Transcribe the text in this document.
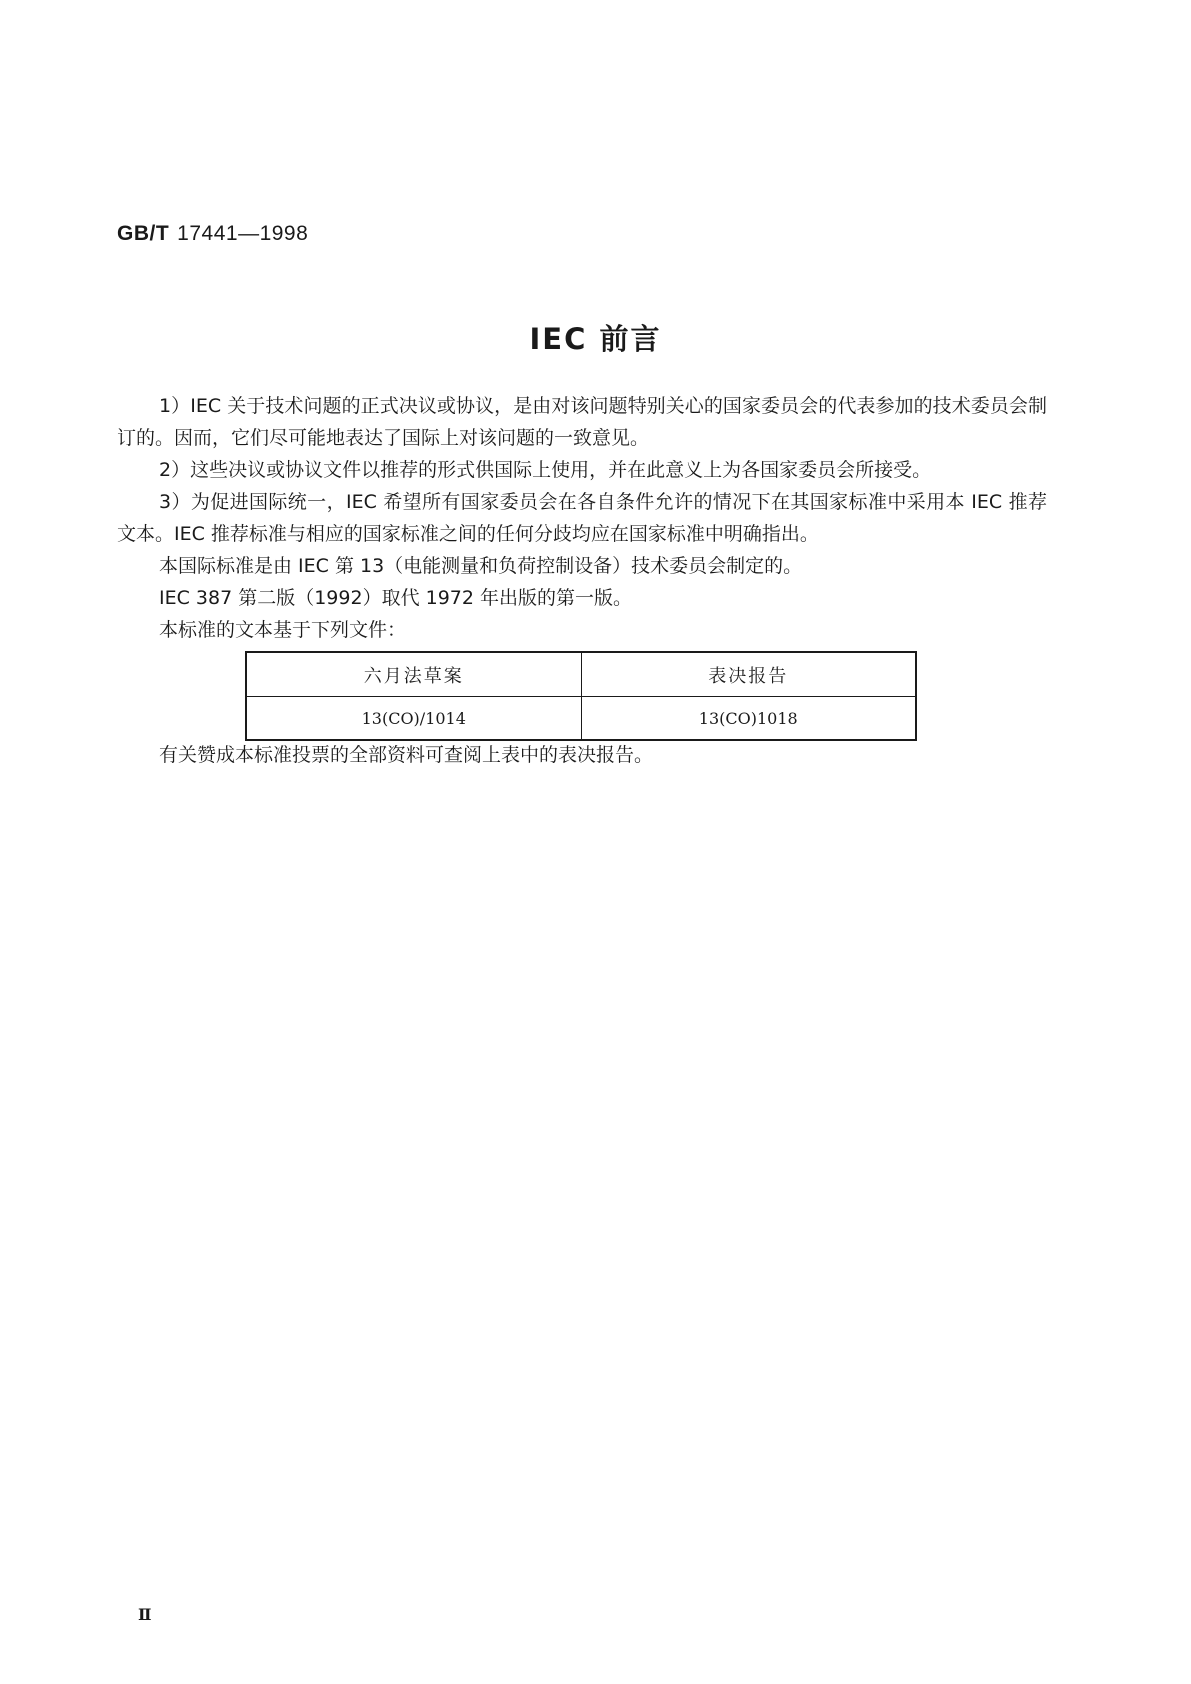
GB/T 17441—1998
IEC 前言

1）IEC 关于技术问题的正式决议或协议，是由对该问题特别关心的国家委员会的代表参加的技术委员会制订的。因而，它们尽可能地表达了国际上对该问题的一致意见。

2）这些决议或协议文件以推荐的形式供国际上使用，并在此意义上为各国家委员会所接受。

3）为促进国际统一，IEC 希望所有国家委员会在各自条件允许的情况下在其国家标准中采用本 IEC 推荐文本。IEC 推荐标准与相应的国家标准之间的任何分歧均应在国家标准中明确指出。

本国际标准是由 IEC 第 13（电能测量和负荷控制设备）技术委员会制定的。

IEC 387 第二版（1992）取代 1972 年出版的第一版。

本标准的文本基于下列文件：

六月法草案	表决报告
13(CO)/1014	13(CO)1018
有关赞成本标准投票的全部资料可查阅上表中的表决报告。
Ⅱ
